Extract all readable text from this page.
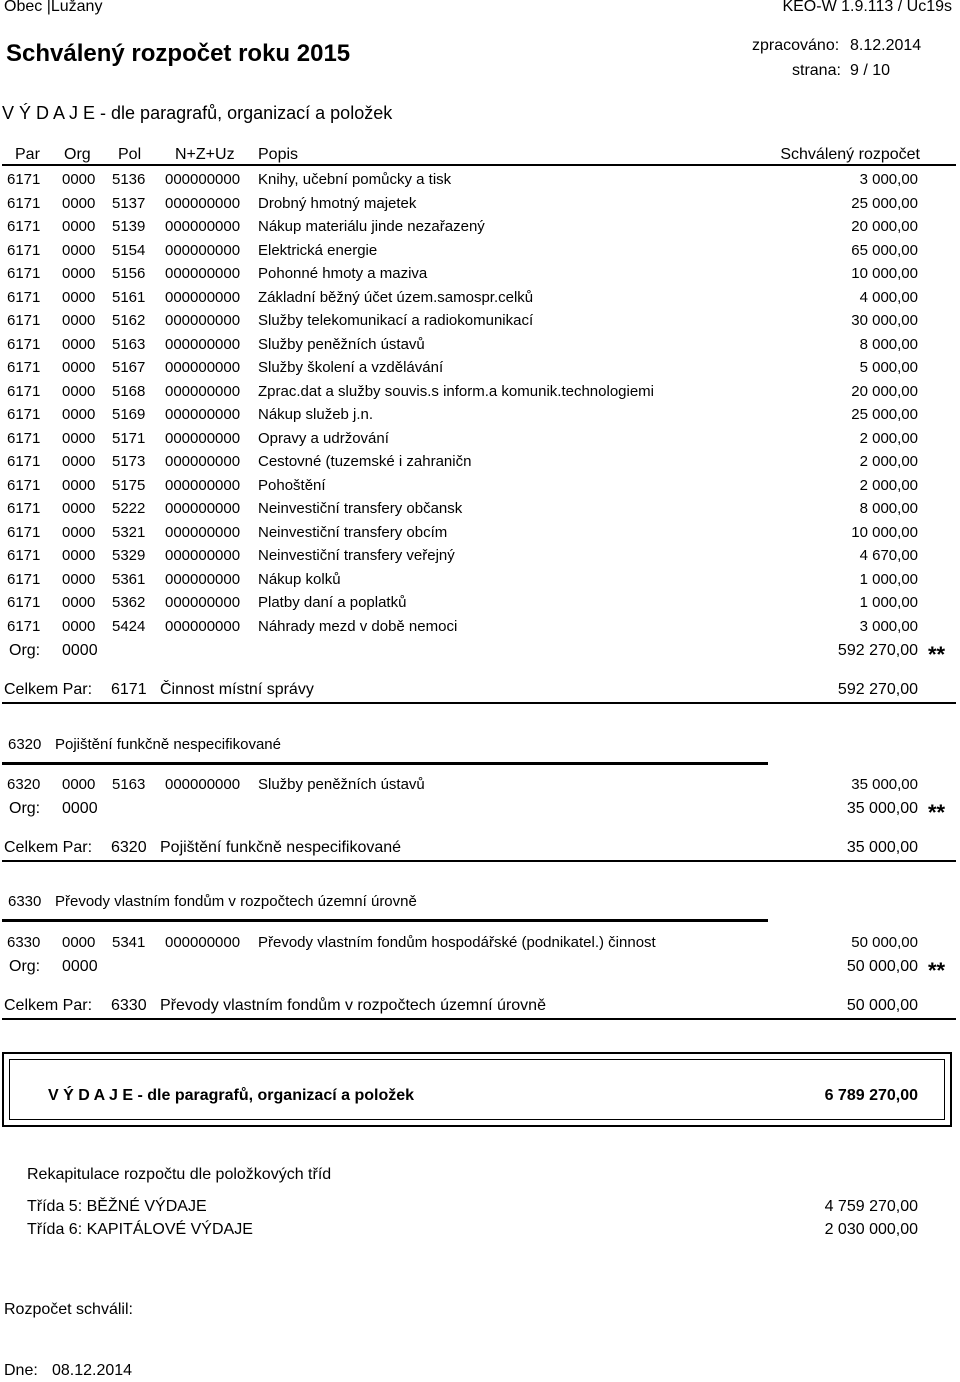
Obec |Lužany	KEO-W 1.9.113 / Uc19s
Schválený rozpočet roku 2015	zpracováno: 8.12.2014
strana: 9 / 10
V Ý D A J E - dle paragrafů, organizací a položek
Par Org Pol N+Z+Uz Popis	Schválený rozpočet
6171 0000 5136 000000000 Knihy, učební pomůcky a tisk	3 000,00
6171 0000 5137 000000000 Drobný hmotný majetek	25 000,00
6171 0000 5139 000000000 Nákup materiálu jinde nezařazený	20 000,00
6171 0000 5154 000000000 Elektrická energie	65 000,00
6171 0000 5156 000000000 Pohonné hmoty a maziva	10 000,00
6171 0000 5161 000000000 Základní běžný účet územ.samospr.celků	4 000,00
6171 0000 5162 000000000 Služby telekomunikací a radiokomunikací	30 000,00
6171 0000 5163 000000000 Služby peněžních ústavů	8 000,00
6171 0000 5167 000000000 Služby školení a vzdělávání	5 000,00
6171 0000 5168 000000000 Zprac.dat a služby souvis.s inform.a komunik.technologiemi	20 000,00
6171 0000 5169 000000000 Nákup služeb j.n.	25 000,00
6171 0000 5171 000000000 Opravy a udržování	2 000,00
6171 0000 5173 000000000 Cestovné (tuzemské i zahraničn	2 000,00
6171 0000 5175 000000000 Pohoštění	2 000,00
6171 0000 5222 000000000 Neinvestiční transfery občansk	8 000,00
6171 0000 5321 000000000 Neinvestiční transfery obcím	10 000,00
6171 0000 5329 000000000 Neinvestiční transfery veřejný	4 670,00
6171 0000 5361 000000000 Nákup kolků	1 000,00
6171 0000 5362 000000000 Platby daní a poplatků	1 000,00
6171 0000 5424 000000000 Náhrady mezd v době nemoci	3 000,00
Org: 0000	592 270,00 **
Celkem Par: 6171 Činnost místní správy	592 270,00
6320 Pojištění funkčně nespecifikované
6320 0000 5163 000000000 Služby peněžních ústavů	35 000,00
Org: 0000	35 000,00 **
Celkem Par: 6320 Pojištění funkčně nespecifikované	35 000,00
6330 Převody vlastním fondům v rozpočtech územní úrovně
6330 0000 5341 000000000 Převody vlastním fondům hospodářské (podnikatel.) činnost	50 000,00
Org: 0000	50 000,00 **
Celkem Par: 6330 Převody vlastním fondům v rozpočtech územní úrovně	50 000,00
V Ý D A J E - dle paragrafů, organizací a položek	6 789 270,00
Rekapitulace rozpočtu dle položkových tříd
Třída 5: BĚŽNÉ VÝDAJE	4 759 270,00
Třída 6: KAPITÁLOVÉ VÝDAJE	2 030 000,00
Rozpočet schválil:
Dne: 08.12.2014
